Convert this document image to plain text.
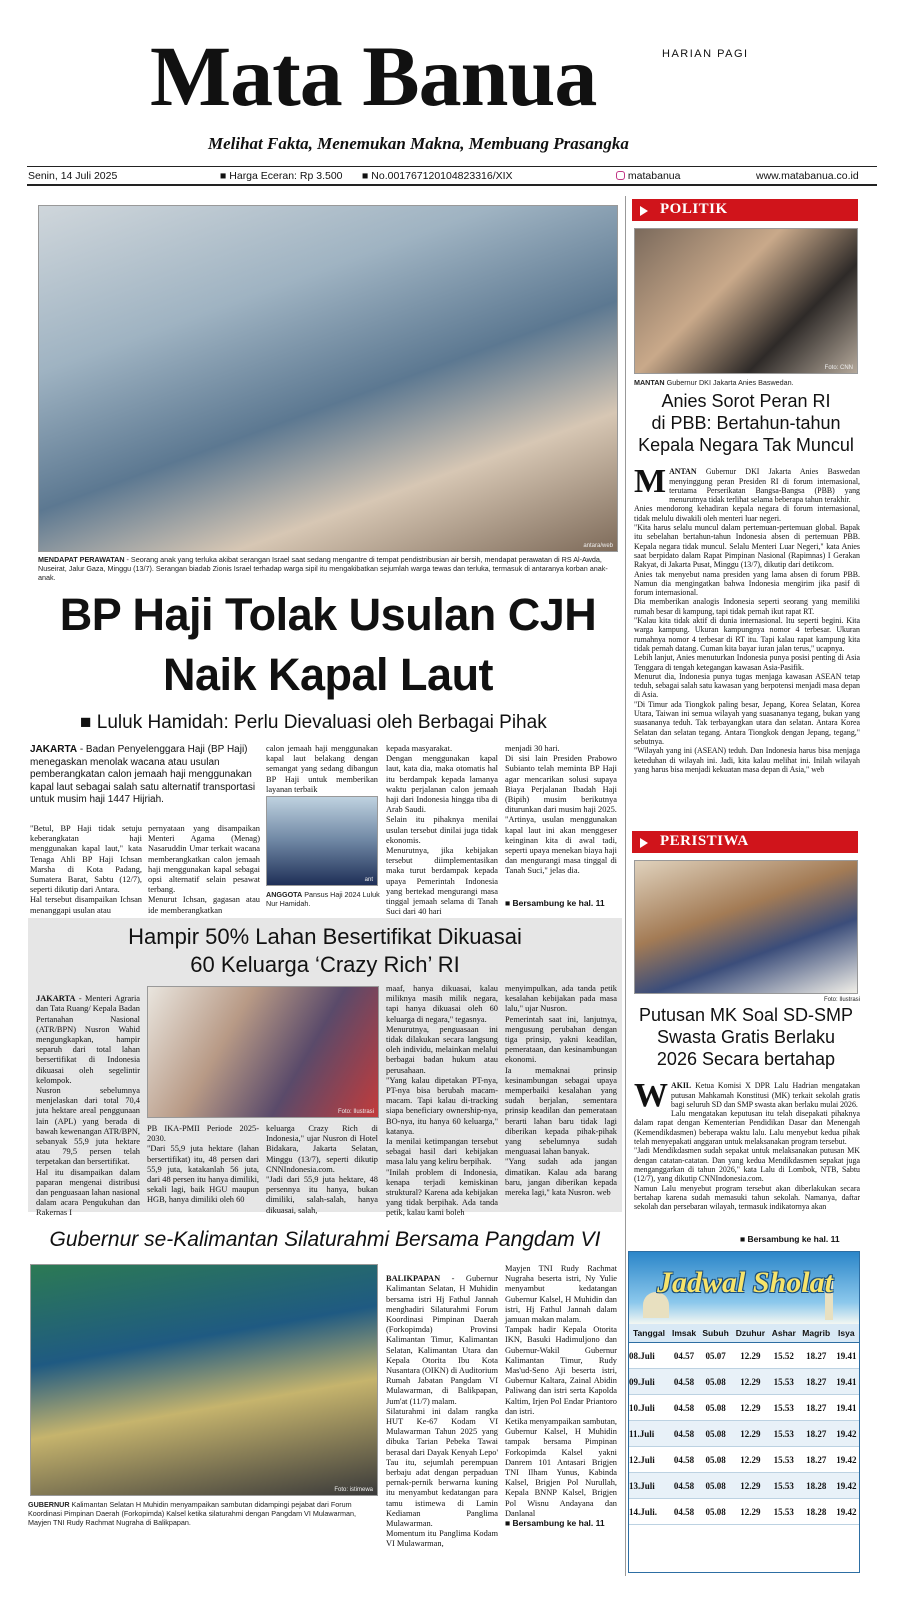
Mata Banua	HARIAN PAGI
Melihat Fakta, Menemukan Makna, Membuang Prasangka
Senin, 14 Juli 2025	■ Harga Eceran: Rp 3.500 ■ No.001767120104823316/XIX	matabanua	www.matabanua.co.id
antara/web
MENDAPAT PERAWATAN - Seorang anak yang terluka akibat serangan Israel saat sedang mengantre di tempat pendistribusian air bersih, mendapat perawatan di RS Al-Awda, Nuseirat, Jalur Gaza, Minggu (13/7). Serangan biadab Zionis Israel terhadap warga sipil itu mengakibatkan sejumlah warga tewas dan terluka, termasuk di antaranya korban anak-anak.
BP Haji Tolak Usulan CJH
Naik Kapal Laut
■ Luluk Hamidah: Perlu Dievaluasi oleh Berbagai Pihak
JAKARTA - Badan Penyelenggara Haji (BP Haji) menegaskan menolak wacana atau usulan pemberangkatan calon jemaah haji menggunakan kapal laut sebagai salah satu alternatif transportasi untuk musim haji 1447 Hijriah.
"Betul, BP Haji tidak setuju keberangkatan haji menggunakan kapal laut," kata Tenaga Ahli BP Haji Ichsan Marsha di Kota Padang, Sumatera Barat, Sabtu (12/7), seperti dikutip dari Antara.
Hal tersebut disampaikan Ichsan menanggapi usulan atau
pernyataan yang disampaikan Menteri Agama (Menag) Nasaruddin Umar terkait wacana memberangkatkan calon jemaah haji menggunakan kapal sebagai opsi alternatif selain pesawat terbang.
Menurut Ichsan, gagasan atau ide memberangkatkan
calon jemaah haji menggunakan kapal laut belakang dengan semangat yang sedang dibangun BP Haji untuk memberikan layanan terbaik
ant
ANGGOTA Pansus Haji 2024 Luluk Nur Hamidah.
kepada masyarakat.
Dengan menggunakan kapal laut, kata dia, maka otomatis hal itu berdampak kepada lamanya waktu perjalanan calon jemaah haji dari Indonesia hingga tiba di Arab Saudi.
Selain itu pihaknya menilai usulan tersebut dinilai juga tidak ekonomis.
Menurutnya, jika kebijakan tersebut diimplementasikan maka turut berdampak kepada upaya Pemerintah Indonesia yang bertekad mengurangi masa tinggal jemaah selama di Tanah Suci dari 40 hari
menjadi 30 hari.
Di sisi lain Presiden Prabowo Subianto telah meminta BP Haji agar mencarikan solusi supaya Biaya Perjalanan Ibadah Haji (Bipih) musim berikutnya diturunkan dari musim haji 2025.
"Artinya, usulan menggunakan kapal laut ini akan menggeser keinginan kita di awal tadi, seperti upaya menekan biaya haji dan mengurangi masa tinggal di Tanah Suci," jelas dia.
■ Bersambung ke hal. 11
Hampir 50% Lahan Besertifikat Dikuasai
60 Keluarga ‘Crazy Rich’ RI

JAKARTA - Menteri Agraria dan Tata Ruang/ Kepala Badan Pertanahan Nasional (ATR/BPN) Nusron Wahid mengungkapkan, hampir separuh dari total lahan bersertifikat di Indonesia dikuasai oleh segelintir kelompok.
Nusron sebelumnya menjelaskan dari total 70,4 juta hektare areal penggunaan lain (APL) yang berada di bawah kewenangan ATR/BPN, sebanyak 55,9 juta hektare atau 79,5 persen telah terpetakan dan bersertifikat.
Hal itu disampaikan dalam paparan mengenai distribusi dan penguasaan lahan nasional dalam acara Pengukuhan dan Rakernas I

Foto: Ilustrasi
PB IKA-PMII Periode 2025-2030.
"Dari 55,9 juta hektare (lahan bersertifikat) itu, 48 persen dari 55,9 juta, katakanlah 56 juta, dari 48 persen itu hanya dimiliki, sekali lagi, baik HGU maupun HGB, hanya dimiliki oleh 60
keluarga Crazy Rich di Indonesia," ujar Nusron di Hotel Bidakara, Jakarta Selatan, Minggu (13/7), seperti dikutip CNNIndonesia.com.
"Jadi dari 55,9 juta hektare, 48 persennya itu hanya, bukan dimiliki, salah-salah, hanya dikuasai, salah,
maaf, hanya dikuasai, kalau miliknya masih milik negara, tapi hanya dikuasai oleh 60 keluarga di negara," tegasnya.
Menurutnya, penguasaan ini tidak dilakukan secara langsung oleh individu, melainkan melalui berbagai badan hukum atau perusahaan.
"Yang kalau dipetakan PT-nya, PT-nya bisa berubah macam-macam. Tapi kalau di-tracking siapa beneficiary ownership-nya, BO-nya, itu hanya 60 keluarga," katanya.
Ia menilai ketimpangan tersebut sebagai hasil dari kebijakan masa lalu yang keliru berpihak.
"Inilah problem di Indonesia, kenapa terjadi kemiskinan struktural? Karena ada kebijakan yang tidak berpihak. Ada tanda petik, kalau kami boleh
menyimpulkan, ada tanda petik kesalahan kebijakan pada masa lalu," ujar Nusron.
Pemerintah saat ini, lanjutnya, mengusung perubahan dengan tiga prinsip, yakni keadilan, pemerataan, dan kesinambungan ekonomi.
Ia memaknai prinsip kesinambungan sebagai upaya memperbaiki kesalahan yang sudah berjalan, sementara prinsip keadilan dan pemerataan berarti lahan baru tidak lagi diberikan kepada pihak-pihak yang sebelumnya sudah menguasai lahan banyak.
"Yang sudah ada jangan dimatikan. Kalau ada barang baru, jangan diberikan kepada mereka lagi," kata Nusron. web
Gubernur se-Kalimantan Silaturahmi Bersama Pangdam VI
Foto: istimewa
GUBERNUR Kalimantan Selatan H Muhidin menyampaikan sambutan didampingi pejabat dari Forum Koordinasi Pimpinan Daerah (Forkopimda) Kalsel ketika silaturahmi dengan Pangdam VI Mulawarman, Mayjen TNI Rudy Rachmat Nugraha di Balikpapan.

BALIKPAPAN - Gubernur Kalimantan Selatan, H Muhidin bersama istri Hj Fathul Jannah menghadiri Silaturahmi Forum Koordinasi Pimpinan Daerah (Forkopimda) Provinsi Kalimantan Timur, Kalimantan Selatan, Kalimantan Utara dan Kepala Otorita Ibu Kota Nusantara (OIKN) di Auditorium Rumah Jabatan Pangdam VI Mulawarman, di Balikpapan, Jum'at (11/7) malam.
Silaturahmi ini dalam rangka HUT Ke-67 Kodam VI Mulawarman Tahun 2025 yang dibuka Tarian Pebeka Tawai berasal dari Dayak Kenyah Lepo' Tau itu, sejumlah perempuan berbaju adat dengan perpaduan pernak-pernik berwarna kuning itu menyambut kedatangan para tamu istimewa di Lamin Kediaman Panglima Mulawarman.
Momentum itu Panglima Kodam VI Mulawarman,

Mayjen TNI Rudy Rachmat Nugraha beserta istri, Ny Yulie menyambut kedatangan Gubernur Kalsel, H Muhidin dan istri, Hj Fathul Jannah dalam jamuan makan malam.
Tampak hadir Kepala Otorita IKN, Basuki Hadimuljono dan Gubernur-Wakil Gubernur Kalimantan Timur, Rudy Mas'ud-Seno Aji beserta istri, Gubernur Kaltara, Zainal Abidin Paliwang dan istri serta Kapolda Kaltim, Irjen Pol Endar Priantoro dan istri.
Ketika menyampaikan sambutan, Gubernur Kalsel, H Muhidin tampak bersama Pimpinan Forkopimda Kalsel yakni Danrem 101 Antasari Brigjen TNI Ilham Yunus, Kabinda Kalsel, Brigjen Pol Nurullah, Kepala BNNP Kalsel, Brigjen Pol Wisnu Andayana dan Danlanal
■ Bersambung ke hal. 11
POLITIK
Foto: CNN
MANTAN Gubernur DKI Jakarta Anies Baswedan.
Anies Sorot Peran RI
di PBB: Bertahun-tahun
Kepala Negara Tak Muncul

MANTAN Gubernur DKI Jakarta Anies Baswedan menyinggung peran Presiden RI di forum internasional, terutama Perserikatan Bangsa-Bangsa (PBB) yang menurutnya tidak terlihat selama beberapa tahun terakhir.
Anies mendorong kehadiran kepala negara di forum internasional, tidak melulu diwakili oleh menteri luar negeri.
"Kita harus selalu muncul dalam pertemuan-pertemuan global. Bapak itu sebelahan bertahun-tahun Indonesia absen di pertemuan PBB. Kepala negara tidak muncul. Selalu Menteri Luar Negeri," kata Anies saat berpidato dalam Rapat Pimpinan Nasional (Rapimnas) I Gerakan Rakyat, di Jakarta Pusat, Minggu (13/7), dikutip dari detikcom.
Anies tak menyebut nama presiden yang lama absen di forum PBB. Namun dia mengingatkan bahwa Indonesia mengirim jika pasif di forum internasional.
Dia memberikan analogis Indonesia seperti seorang yang memiliki rumah besar di kampung, tapi tidak pernah ikut rapat RT.
"Kalau kita tidak aktif di dunia internasional. Itu seperti begini. Kita warga kampung. Ukuran kampungnya nomor 4 terbesar. Ukuran rumahnya nomor 4 terbesar di RT itu. Tapi kalau rapat kampung kita tidak pernah datang. Cuman kita bayar iuran jalan terus," ucapnya.
Lebih lanjut, Anies menuturkan Indonesia punya posisi penting di Asia Tenggara di tengah ketegangan kawasan Asia-Pasifik.
Menurut dia, Indonesia punya tugas menjaga kawasan ASEAN tetap teduh, sebagai salah satu kawasan yang berpotensi menjadi masa depan di Asia.
"Di Timur ada Tiongkok paling besar, Jepang, Korea Selatan, Korea Utara, Taiwan ini semua wilayah yang suasananya tegang, bukan yang suasananya teduh. Tak terbayangkan utara dan selatan. Antara Korea Selatan dan selatan tegang. Antara Tiongkok dengan Jepang, tegang," sebutnya.
"Wilayah yang ini (ASEAN) teduh. Dan Indonesia harus bisa menjaga keteduhan di wilayah ini. Jadi, kita kalau melihat ini. Inilah wilayah yang harus bisa menjadi kekuatan masa depan di Asia," web

PERISTIWA
Foto: Ilustrasi
Putusan MK Soal SD-SMP
Swasta Gratis Berlaku
2026 Secara bertahap

WAKIL Ketua Komisi X DPR Lalu Hadrian mengatakan putusan Mahkamah Konstitusi (MK) terkait sekolah gratis bagi seluruh SD dan SMP swasta akan berlaku mulai 2026.
Lalu mengatakan keputusan itu telah disepakati pihaknya dalam rapat dengan Kementerian Pendidikan Dasar dan Menengah (Kemendikdasmen) beberapa waktu lalu. Lalu menyebut kedua pihak telah menyepakati anggaran untuk melaksanakan program tersebut.
"Jadi Mendikdasmen sudah sepakat untuk melaksanakan putusan MK dengan catatan-catatan. Dan yang kedua Mendikdasmen sepakat juga menganggarkan di tahun 2026," kata Lalu di Lombok, NTB, Sabtu (12/7), yang dikutip CNNIndonesia.com.
Namun Lalu menyebut program tersebut akan diberlakukan secara bertahap karena sudah memasuki tahun sekolah. Namanya, daftar sekolah dan persebaran wilayah, termasuk indikatornya akan

■ Bersambung ke hal. 11
Jadwal Sholat
Tanggal	Imsak	Subuh	Dzuhur	Ashar	Magrib	Isya
08.Juli	04.57	05.07	12.29	15.52	18.27	19.41
09.Juli	04.58	05.08	12.29	15.53	18.27	19.41
10.Juli	04.58	05.08	12.29	15.53	18.27	19.41
11.Juli	04.58	05.08	12.29	15.53	18.27	19.42
12.Juli	04.58	05.08	12.29	15.53	18.27	19.42
13.Juli	04.58	05.08	12.29	15.53	18.28	19.42
14.Juli.	04.58	05.08	12.29	15.53	18.28	19.42
